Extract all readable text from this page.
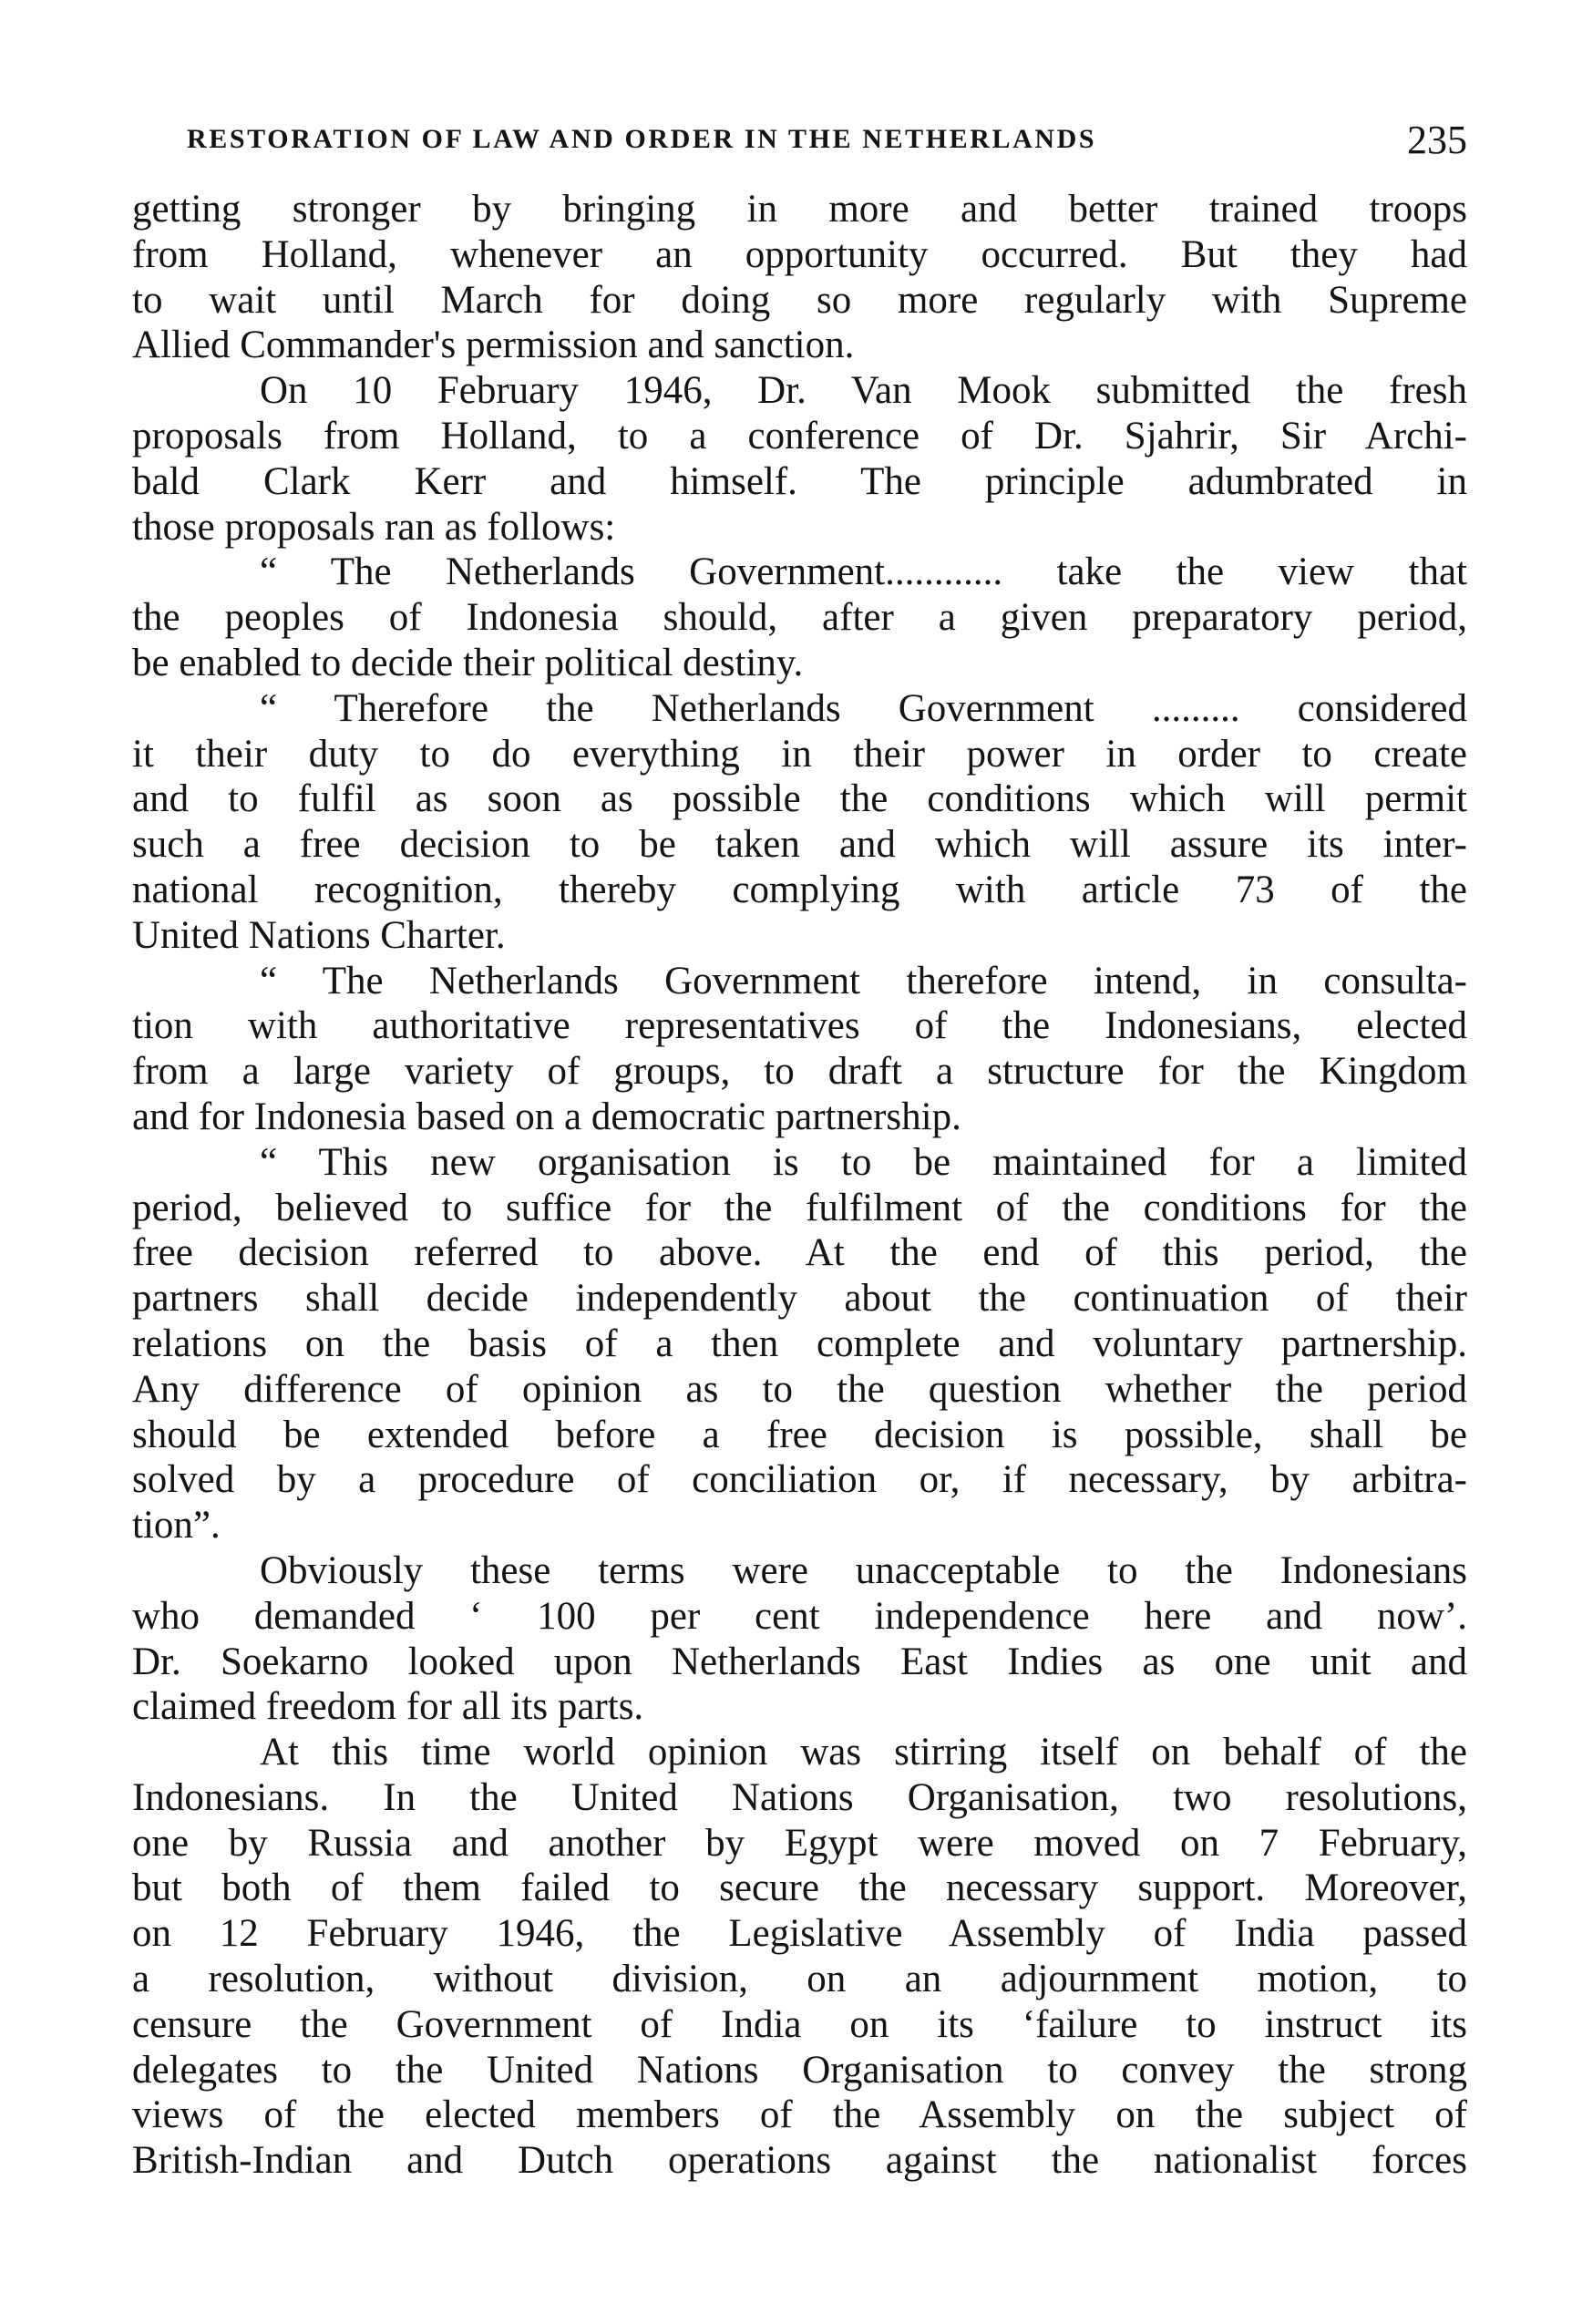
RESTORATION OF LAW AND ORDER IN THE NETHERLANDS	235
getting stronger by bringing in more and better trained troops
from Holland, whenever an opportunity occurred. But they had
to wait until March for doing so more regularly with Supreme
Allied Commander's permission and sanction.
On 10 February 1946, Dr. Van Mook submitted the fresh
proposals from Holland, to a conference of Dr. Sjahrir, Sir Archi-
bald Clark Kerr and himself. The principle adumbrated in
those proposals ran as follows:
“ The Netherlands Government............ take the view that
the peoples of Indonesia should, after a given preparatory period,
be enabled to decide their political destiny.
“ Therefore the Netherlands Government ......... considered
it their duty to do everything in their power in order to create
and to fulfil as soon as possible the conditions which will permit
such a free decision to be taken and which will assure its inter-
national recognition, thereby complying with article 73 of the
United Nations Charter.
“ The Netherlands Government therefore intend, in consulta-
tion with authoritative representatives of the Indonesians, elected
from a large variety of groups, to draft a structure for the Kingdom
and for Indonesia based on a democratic partnership.
“ This new organisation is to be maintained for a limited
period, believed to suffice for the fulfilment of the conditions for the
free decision referred to above. At the end of this period, the
partners shall decide independently about the continuation of their
relations on the basis of a then complete and voluntary partnership.
Any difference of opinion as to the question whether the period
should be extended before a free decision is possible, shall be
solved by a procedure of conciliation or, if necessary, by arbitra-
tion”.
Obviously these terms were unacceptable to the Indonesians
who demanded ‘ 100 per cent independence here and now’.
Dr. Soekarno looked upon Netherlands East Indies as one unit and
claimed freedom for all its parts.
At this time world opinion was stirring itself on behalf of the
Indonesians. In the United Nations Organisation, two resolutions,
one by Russia and another by Egypt were moved on 7 February,
but both of them failed to secure the necessary support. Moreover,
on 12 February 1946, the Legislative Assembly of India passed
a resolution, without division, on an adjournment motion, to
censure the Government of India on its ‘failure to instruct its
delegates to the United Nations Organisation to convey the strong
views of the elected members of the Assembly on the subject of
British-Indian and Dutch operations against the nationalist forces
